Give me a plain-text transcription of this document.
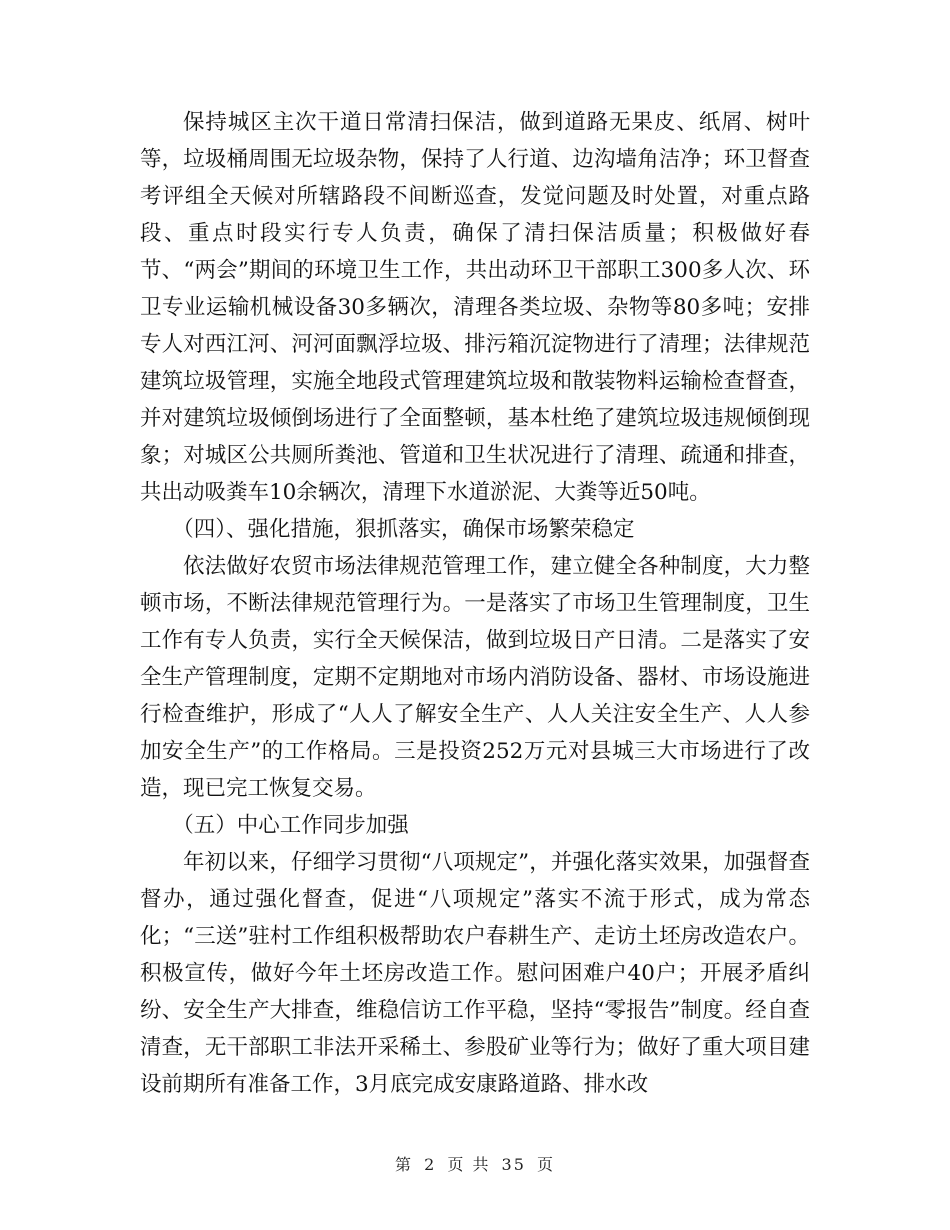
保持城区主次干道日常清扫保洁，做到道路无果皮、纸屑、树叶等，垃圾桶周围无垃圾杂物，保持了人行道、边沟墙角洁净；环卫督查考评组全天候对所辖路段不间断巡查，发觉问题及时处置，对重点路段、重点时段实行专人负责，确保了清扫保洁质量；积极做好春节、“两会”期间的环境卫生工作，共出动环卫干部职工300多人次、环卫专业运输机械设备30多辆次，清理各类垃圾、杂物等80多吨；安排专人对西江河、河河面飘浮垃圾、排污箱沉淀物进行了清理；法律规范建筑垃圾管理，实施全地段式管理建筑垃圾和散装物料运输检查督查，并对建筑垃圾倾倒场进行了全面整顿，基本杜绝了建筑垃圾违规倾倒现象；对城区公共厕所粪池、管道和卫生状况进行了清理、疏通和排查，共出动吸粪车10余辆次，清理下水道淤泥、大粪等近50吨。

（四）、强化措施，狠抓落实，确保市场繁荣稳定

依法做好农贸市场法律规范管理工作，建立健全各种制度，大力整顿市场，不断法律规范管理行为。一是落实了市场卫生管理制度，卫生工作有专人负责，实行全天候保洁，做到垃圾日产日清。二是落实了安全生产管理制度，定期不定期地对市场内消防设备、器材、市场设施进行检查维护，形成了“人人了解安全生产、人人关注安全生产、人人参加安全生产”的工作格局。三是投资252万元对县城三大市场进行了改造，现已完工恢复交易。

（五）中心工作同步加强

年初以来，仔细学习贯彻“八项规定”，并强化落实效果，加强督查督办，通过强化督查，促进“八项规定”落实不流于形式，成为常态化；“三送”驻村工作组积极帮助农户春耕生产、走访土坯房改造农户。积极宣传，做好今年土坯房改造工作。慰问困难户40户；开展矛盾纠纷、安全生产大排查，维稳信访工作平稳，坚持“零报告”制度。经自查清查，无干部职工非法开采稀土、参股矿业等行为；做好了重大项目建设前期所有准备工作，3月底完成安康路道路、排水改

第 2 页 共 35 页
